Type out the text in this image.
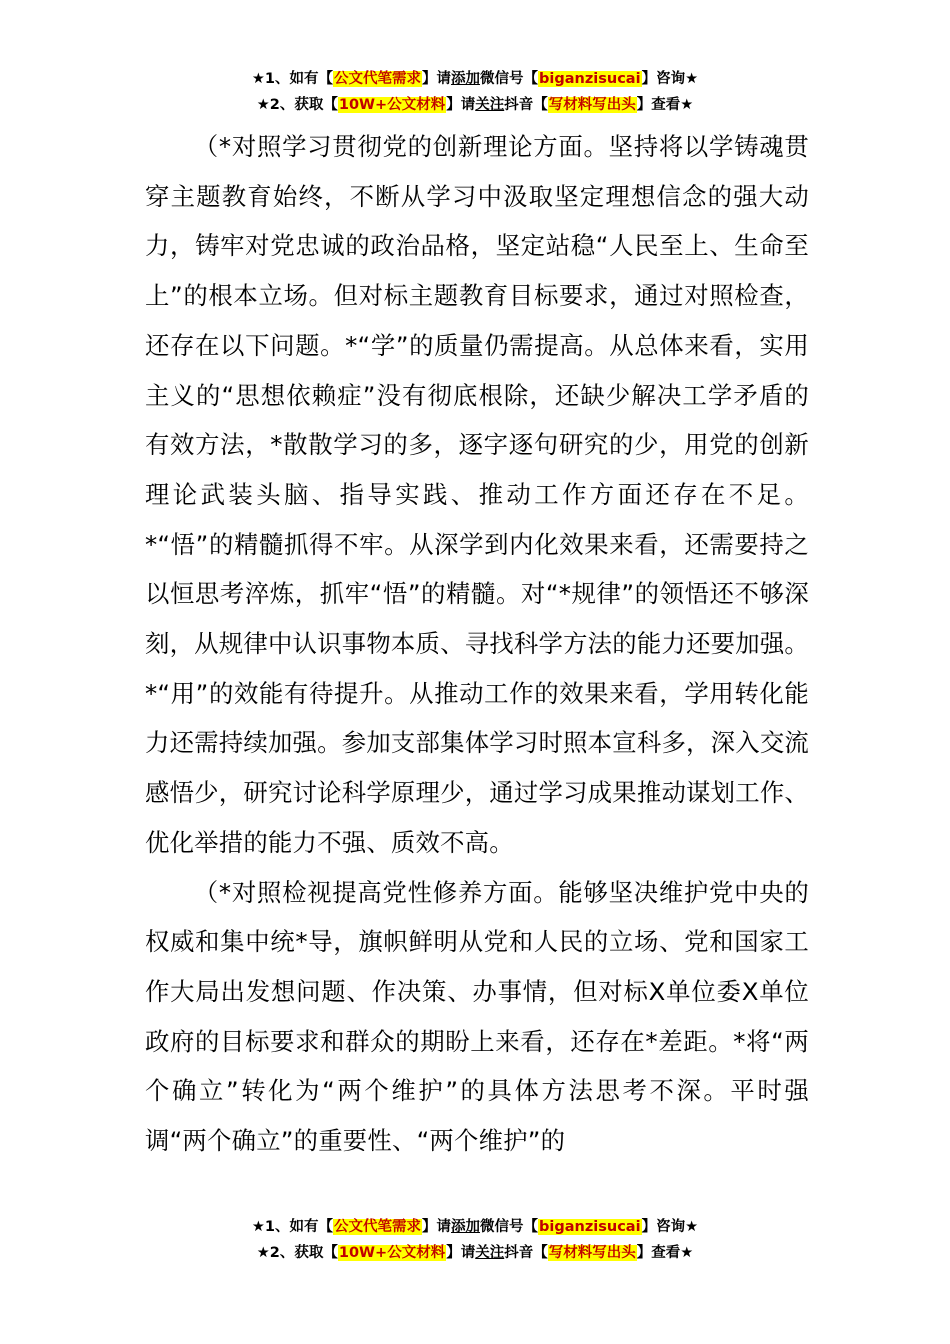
★1、如有【公文代笔需求】请添加微信号【biganzisucai】咨询★
★2、获取【10W+公文材料】请关注抖音【写材料写出头】查看★

（*对照学习贯彻党的创新理论方面。坚持将以学铸魂贯穿主题教育始终，不断从学习中汲取坚定理想信念的强大动力，铸牢对党忠诚的政治品格，坚定站稳“人民至上、生命至上”的根本立场。但对标主题教育目标要求，通过对照检查，还存在以下问题。*“学”的质量仍需提高。从总体来看，实用主义的“思想依赖症”没有彻底根除，还缺少解决工学矛盾的有效方法，*散散学习的多，逐字逐句研究的少，用党的创新理论武装头脑、指导实践、推动工作方面还存在不足。*“悟”的精髓抓得不牢。从深学到内化效果来看，还需要持之以恒思考淬炼，抓牢“悟”的精髓。对“*规律”的领悟还不够深刻，从规律中认识事物本质、寻找科学方法的能力还要加强。*“用”的效能有待提升。从推动工作的效果来看，学用转化能力还需持续加强。参加支部集体学习时照本宣科多，深入交流感悟少，研究讨论科学原理少，通过学习成果推动谋划工作、优化举措的能力不强、质效不高。

（*对照检视提高党性修养方面。能够坚决维护党中央的权威和集中统*导，旗帜鲜明从党和人民的立场、党和国家工作大局出发想问题、作决策、办事情，但对标X单位委X单位政府的目标要求和群众的期盼上来看，还存在*差距。*将“两个确立”转化为“两个维护”的具体方法思考不深。平时强调“两个确立”的重要性、“两个维护”的

★1、如有【公文代笔需求】请添加微信号【biganzisucai】咨询★
★2、获取【10W+公文材料】请关注抖音【写材料写出头】查看★
